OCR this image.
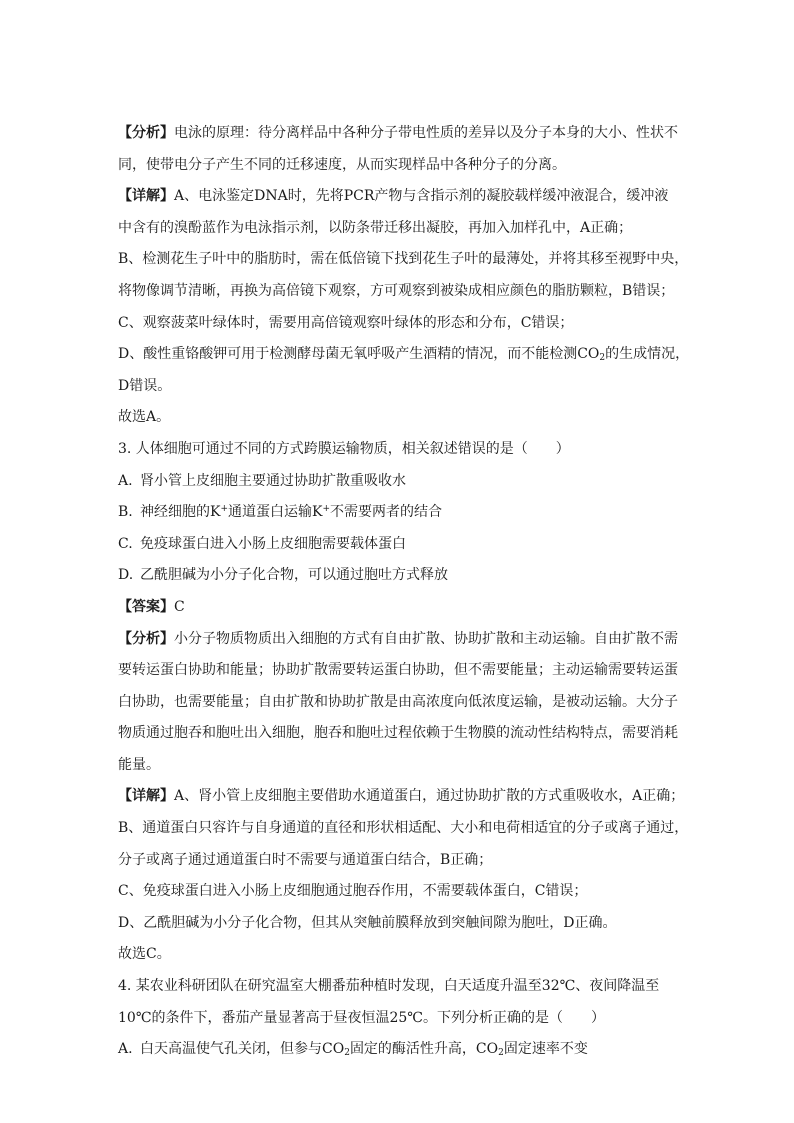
【分析】电泳的原理：待分离样品中各种分子带电性质的差异以及分子本身的大小、性状不
同，使带电分子产生不同的迁移速度，从而实现样品中各种分子的分离。
【详解】A、电泳鉴定DNA时，先将PCR产物与含指示剂的凝胶载样缓冲液混合，缓冲液
中含有的溴酚蓝作为电泳指示剂，以防条带迁移出凝胶，再加入加样孔中，A正确；
B、检测花生子叶中的脂肪时，需在低倍镜下找到花生子叶的最薄处，并将其移至视野中央，
将物像调节清晰，再换为高倍镜下观察，方可观察到被染成相应颜色的脂肪颗粒，B错误；
C、观察菠菜叶绿体时，需要用高倍镜观察叶绿体的形态和分布，C错误；
D、酸性重铬酸钾可用于检测酵母菌无氧呼吸产生酒精的情况，而不能检测$CO_2$的生成情况，
D错误。
故选A。
3. 人体细胞可通过不同的方式跨膜运输物质，相关叙述错误的是（　　）
A. 肾小管上皮细胞主要通过协助扩散重吸收水
B. 神经细胞的K+通道蛋白运输K+不需要两者的结合
C. 免疫球蛋白进入小肠上皮细胞需要载体蛋白
D. 乙酰胆碱为小分子化合物，可以通过胞吐方式释放
【答案】C
【分析】小分子物质物质出入细胞的方式有自由扩散、协助扩散和主动运输。自由扩散不需
要转运蛋白协助和能量；协助扩散需要转运蛋白协助，但不需要能量；主动运输需要转运蛋
白协助，也需要能量；自由扩散和协助扩散是由高浓度向低浓度运输，是被动运输。大分子
物质通过胞吞和胞吐出入细胞，胞吞和胞吐过程依赖于生物膜的流动性结构特点，需要消耗
能量。
【详解】A、肾小管上皮细胞主要借助水通道蛋白，通过协助扩散的方式重吸收水，A正确；
B、通道蛋白只容许与自身通道的直径和形状相适配、大小和电荷相适宜的分子或离子通过，
分子或离子通过通道蛋白时不需要与通道蛋白结合，B正确；
C、免疫球蛋白进入小肠上皮细胞通过胞吞作用，不需要载体蛋白，C错误；
D、乙酰胆碱为小分子化合物，但其从突触前膜释放到突触间隙为胞吐，D正确。
故选C。
4. 某农业科研团队在研究温室大棚番茄种植时发现，白天适度升温至32℃、夜间降温至
10℃的条件下，番茄产量显著高于昼夜恒温25℃。下列分析正确的是（　　）
A. 白天高温使气孔关闭，但参与$CO_2$固定的酶活性升高，$CO_2$固定速率不变
